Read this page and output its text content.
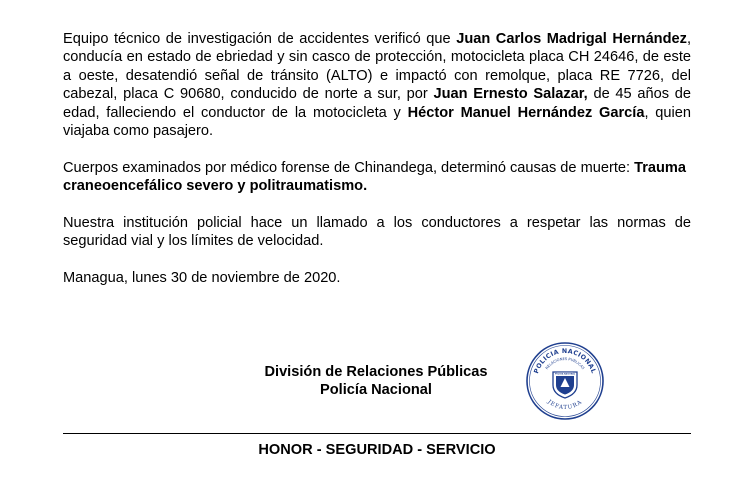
Equipo técnico de investigación de accidentes verificó que Juan Carlos Madrigal Hernández, conducía en estado de ebriedad y sin casco de protección, motocicleta placa CH 24646, de este a oeste, desatendió señal de tránsito (ALTO) e impactó con remolque, placa RE 7726, del cabezal, placa C 90680, conducido de norte a sur, por Juan Ernesto Salazar, de 45 años de edad, falleciendo el conductor de la motocicleta y Héctor Manuel Hernández García, quien viajaba como pasajero.

Cuerpos examinados por médico forense de Chinandega, determinó causas de muerte: Trauma craneoencefálico severo y politraumatismo.

Nuestra institución policial hace un llamado a los conductores a respetar las normas de seguridad vial y los límites de velocidad.

Managua, lunes 30 de noviembre de 2020.

División de Relaciones Públicas
Policía Nacional
POLICIA NACIONAL
RELACIONES PUBLICAS
JEFATURA
POLICIA NACIONAL
HONOR - SEGURIDAD - SERVICIO
